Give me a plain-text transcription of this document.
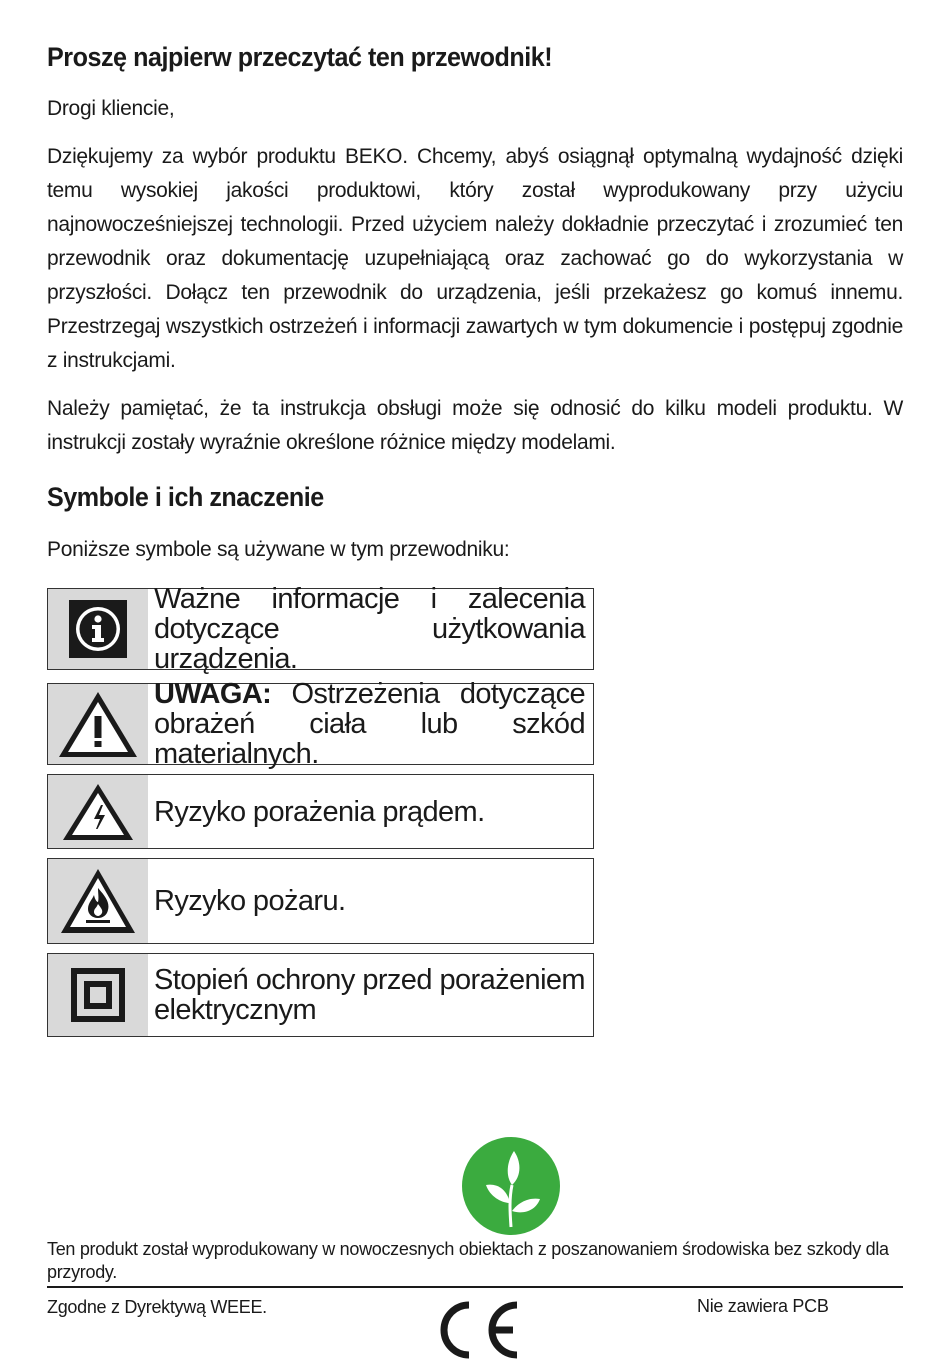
Proszę najpierw przeczytać ten przewodnik!

Drogi kliencie,

Dziękujemy za wybór produktu BEKO. Chcemy, abyś osiągnął optymalną wydajność dzięki temu wysokiej jakości produktowi, który został wyprodukowany przy użyciu najnowocześniejszej technologii. Przed użyciem należy dokładnie przeczytać i zrozumieć ten przewodnik oraz dokumentację uzupełniającą oraz zachować go do wykorzystania w przyszłości. Dołącz ten przewodnik do urządzenia, jeśli przekażesz go komuś innemu. Przestrzegaj wszystkich ostrzeżeń i informacji zawartych w tym dokumencie i postępuj zgodnie z instrukcjami.

Należy pamiętać, że ta instrukcja obsługi może się odnosić do kilku modeli produktu. W instrukcji zostały wyraźnie określone różnice między modelami.

Symbole i ich znaczenie

Poniższe symbole są używane w tym przewodniku:

Ważne informacje i zalecenia dotyczące użytkowania urządzenia.
UWAGA: Ostrzeżenia dotyczące obrażeń ciała lub szkód materialnych.
Ryzyko porażenia prądem.
Ryzyko pożaru.
Stopień ochrony przed porażeniem elektrycznym

Ten produkt został wyprodukowany w nowoczesnych obiektach z poszanowaniem środowiska bez szkody dla przyrody.

Zgodne z Dyrektywą WEEE.	Nie zawiera PCB
